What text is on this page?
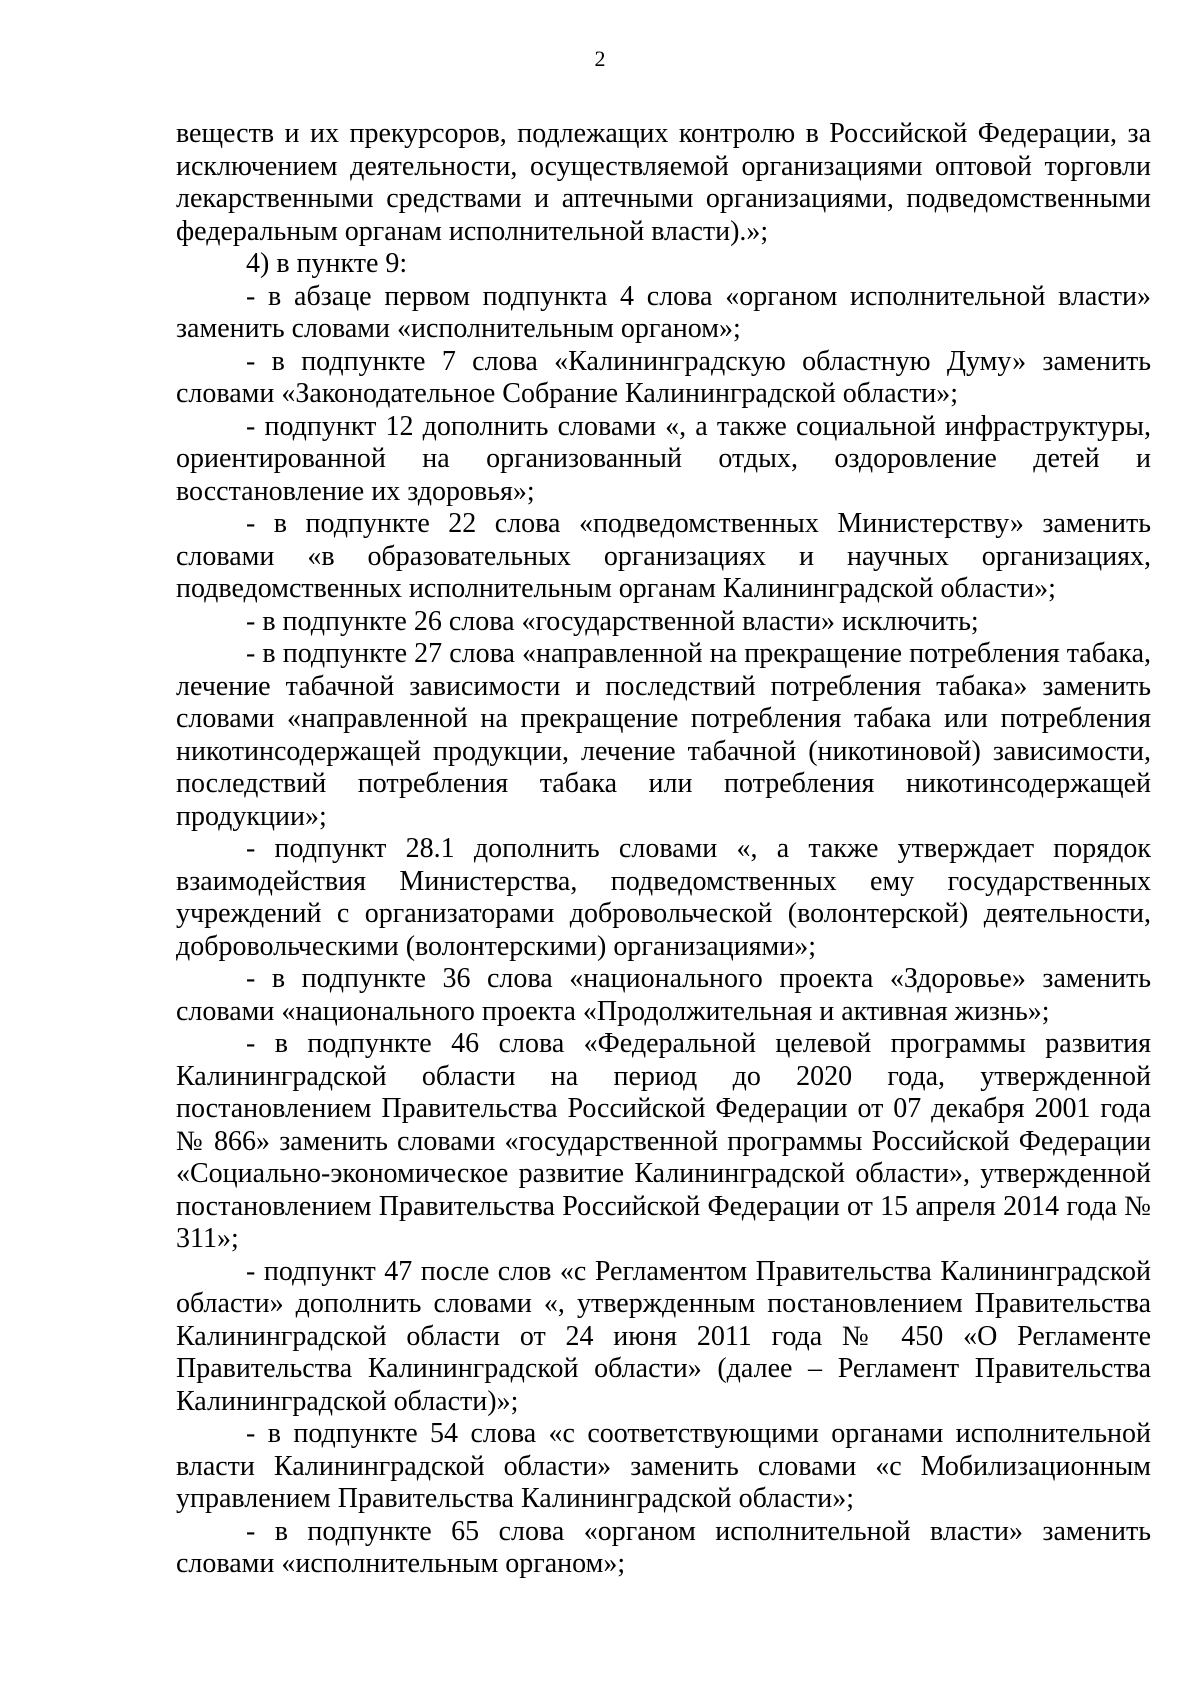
2

веществ и их прекурсоров, подлежащих контролю в Российской Федерации, за исключением деятельности, осуществляемой организациями оптовой торговли лекарственными средствами и аптечными организациями, подведомственными федеральным органам исполнительной власти).»;

4) в пункте 9:

- в абзаце первом подпункта 4 слова «органом исполнительной власти» заменить словами «исполнительным органом»;

- в подпункте 7 слова «Калининградскую областную Думу» заменить словами «Законодательное Собрание Калининградской области»;

- подпункт 12 дополнить словами «, а также социальной инфраструктуры, ориентированной на организованный отдых, оздоровление детей и восстановление их здоровья»;

- в подпункте 22 слова «подведомственных Министерству» заменить словами «в образовательных организациях и научных организациях, подведомственных исполнительным органам Калининградской области»;

- в подпункте 26 слова «государственной власти» исключить;

- в подпункте 27 слова «направленной на прекращение потребления табака, лечение табачной зависимости и последствий потребления табака» заменить словами «направленной на прекращение потребления табака или потребления никотинсодержащей продукции, лечение табачной (никотиновой) зависимости, последствий потребления табака или потребления никотинсодержащей продукции»;

- подпункт 28.1 дополнить словами «, а также утверждает порядок взаимодействия Министерства, подведомственных ему государственных учреждений с организаторами добровольческой (волонтерской) деятельности, добровольческими (волонтерскими) организациями»;

- в подпункте 36 слова «национального проекта «Здоровье» заменить словами «национального проекта «Продолжительная и активная жизнь»;

- в подпункте 46 слова «Федеральной целевой программы развития Калининградской области на период до 2020 года, утвержденной постановлением Правительства Российской Федерации от 07 декабря 2001 года № 866» заменить словами «государственной программы Российской Федерации «Социально-экономическое развитие Калининградской области», утвержденной постановлением Правительства Российской Федерации от 15 апреля 2014 года № 311»;

- подпункт 47 после слов «с Регламентом Правительства Калининградской области» дополнить словами «, утвержденным постановлением Правительства Калининградской области от 24 июня 2011 года № 450 «О Регламенте Правительства Калининградской области» (далее – Регламент Правительства Калининградской области)»;

- в подпункте 54 слова «с соответствующими органами исполнительной власти Калининградской области» заменить словами «с Мобилизационным управлением Правительства Калининградской области»;

- в подпункте 65 слова «органом исполнительной власти» заменить словами «исполнительным органом»;
